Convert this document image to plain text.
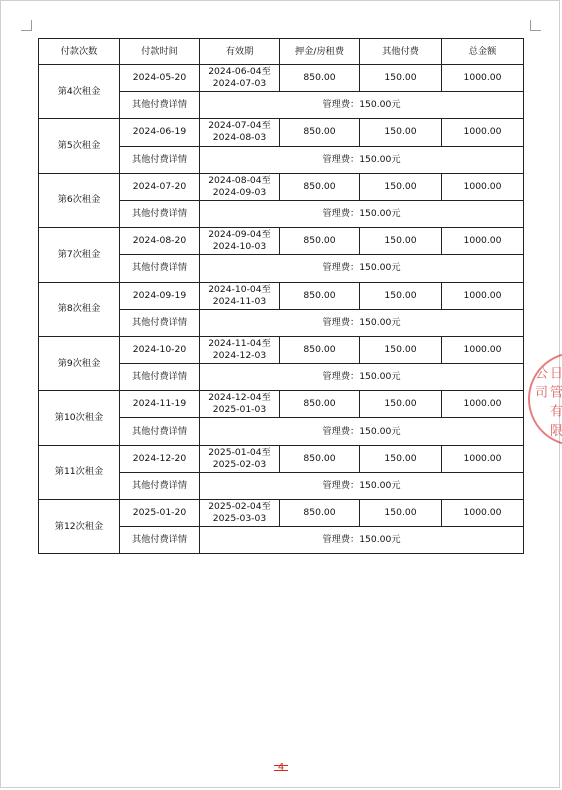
付款次数	付款时间	有效期	押金/房租费	其他付费	总金额
第4次租金	2024-05-20	2024-06-04至
2024-07-03	850.00	150.00	1000.00
	其他付费详情	管理费：150.00元			
第5次租金	2024-06-19	2024-07-04至
2024-08-03	850.00	150.00	1000.00
	其他付费详情	管理费：150.00元			
第6次租金	2024-07-20	2024-08-04至
2024-09-03	850.00	150.00	1000.00
	其他付费详情	管理费：150.00元			
第7次租金	2024-08-20	2024-09-04至
2024-10-03	850.00	150.00	1000.00
	其他付费详情	管理费：150.00元			
第8次租金	2024-09-19	2024-10-04至
2024-11-03	850.00	150.00	1000.00
	其他付费详情	管理费：150.00元			
第9次租金	2024-10-20	2024-11-04至
2024-12-03	850.00	150.00	1000.00
	其他付费详情	管理费：150.00元			
第10次租金	2024-11-19	2024-12-04至
2025-01-03	850.00	150.00	1000.00
	其他付费详情	管理费：150.00元			
第11次租金	2024-12-20	2025-01-04至
2025-02-03	850.00	150.00	1000.00
	其他付费详情	管理费：150.00元			
第12次租金	2025-01-20	2025-02-04至
2025-03-03	850.00	150.00	1000.00
	其他付费详情	管理费：150.00元			
日 管 有 限 公 司
4
